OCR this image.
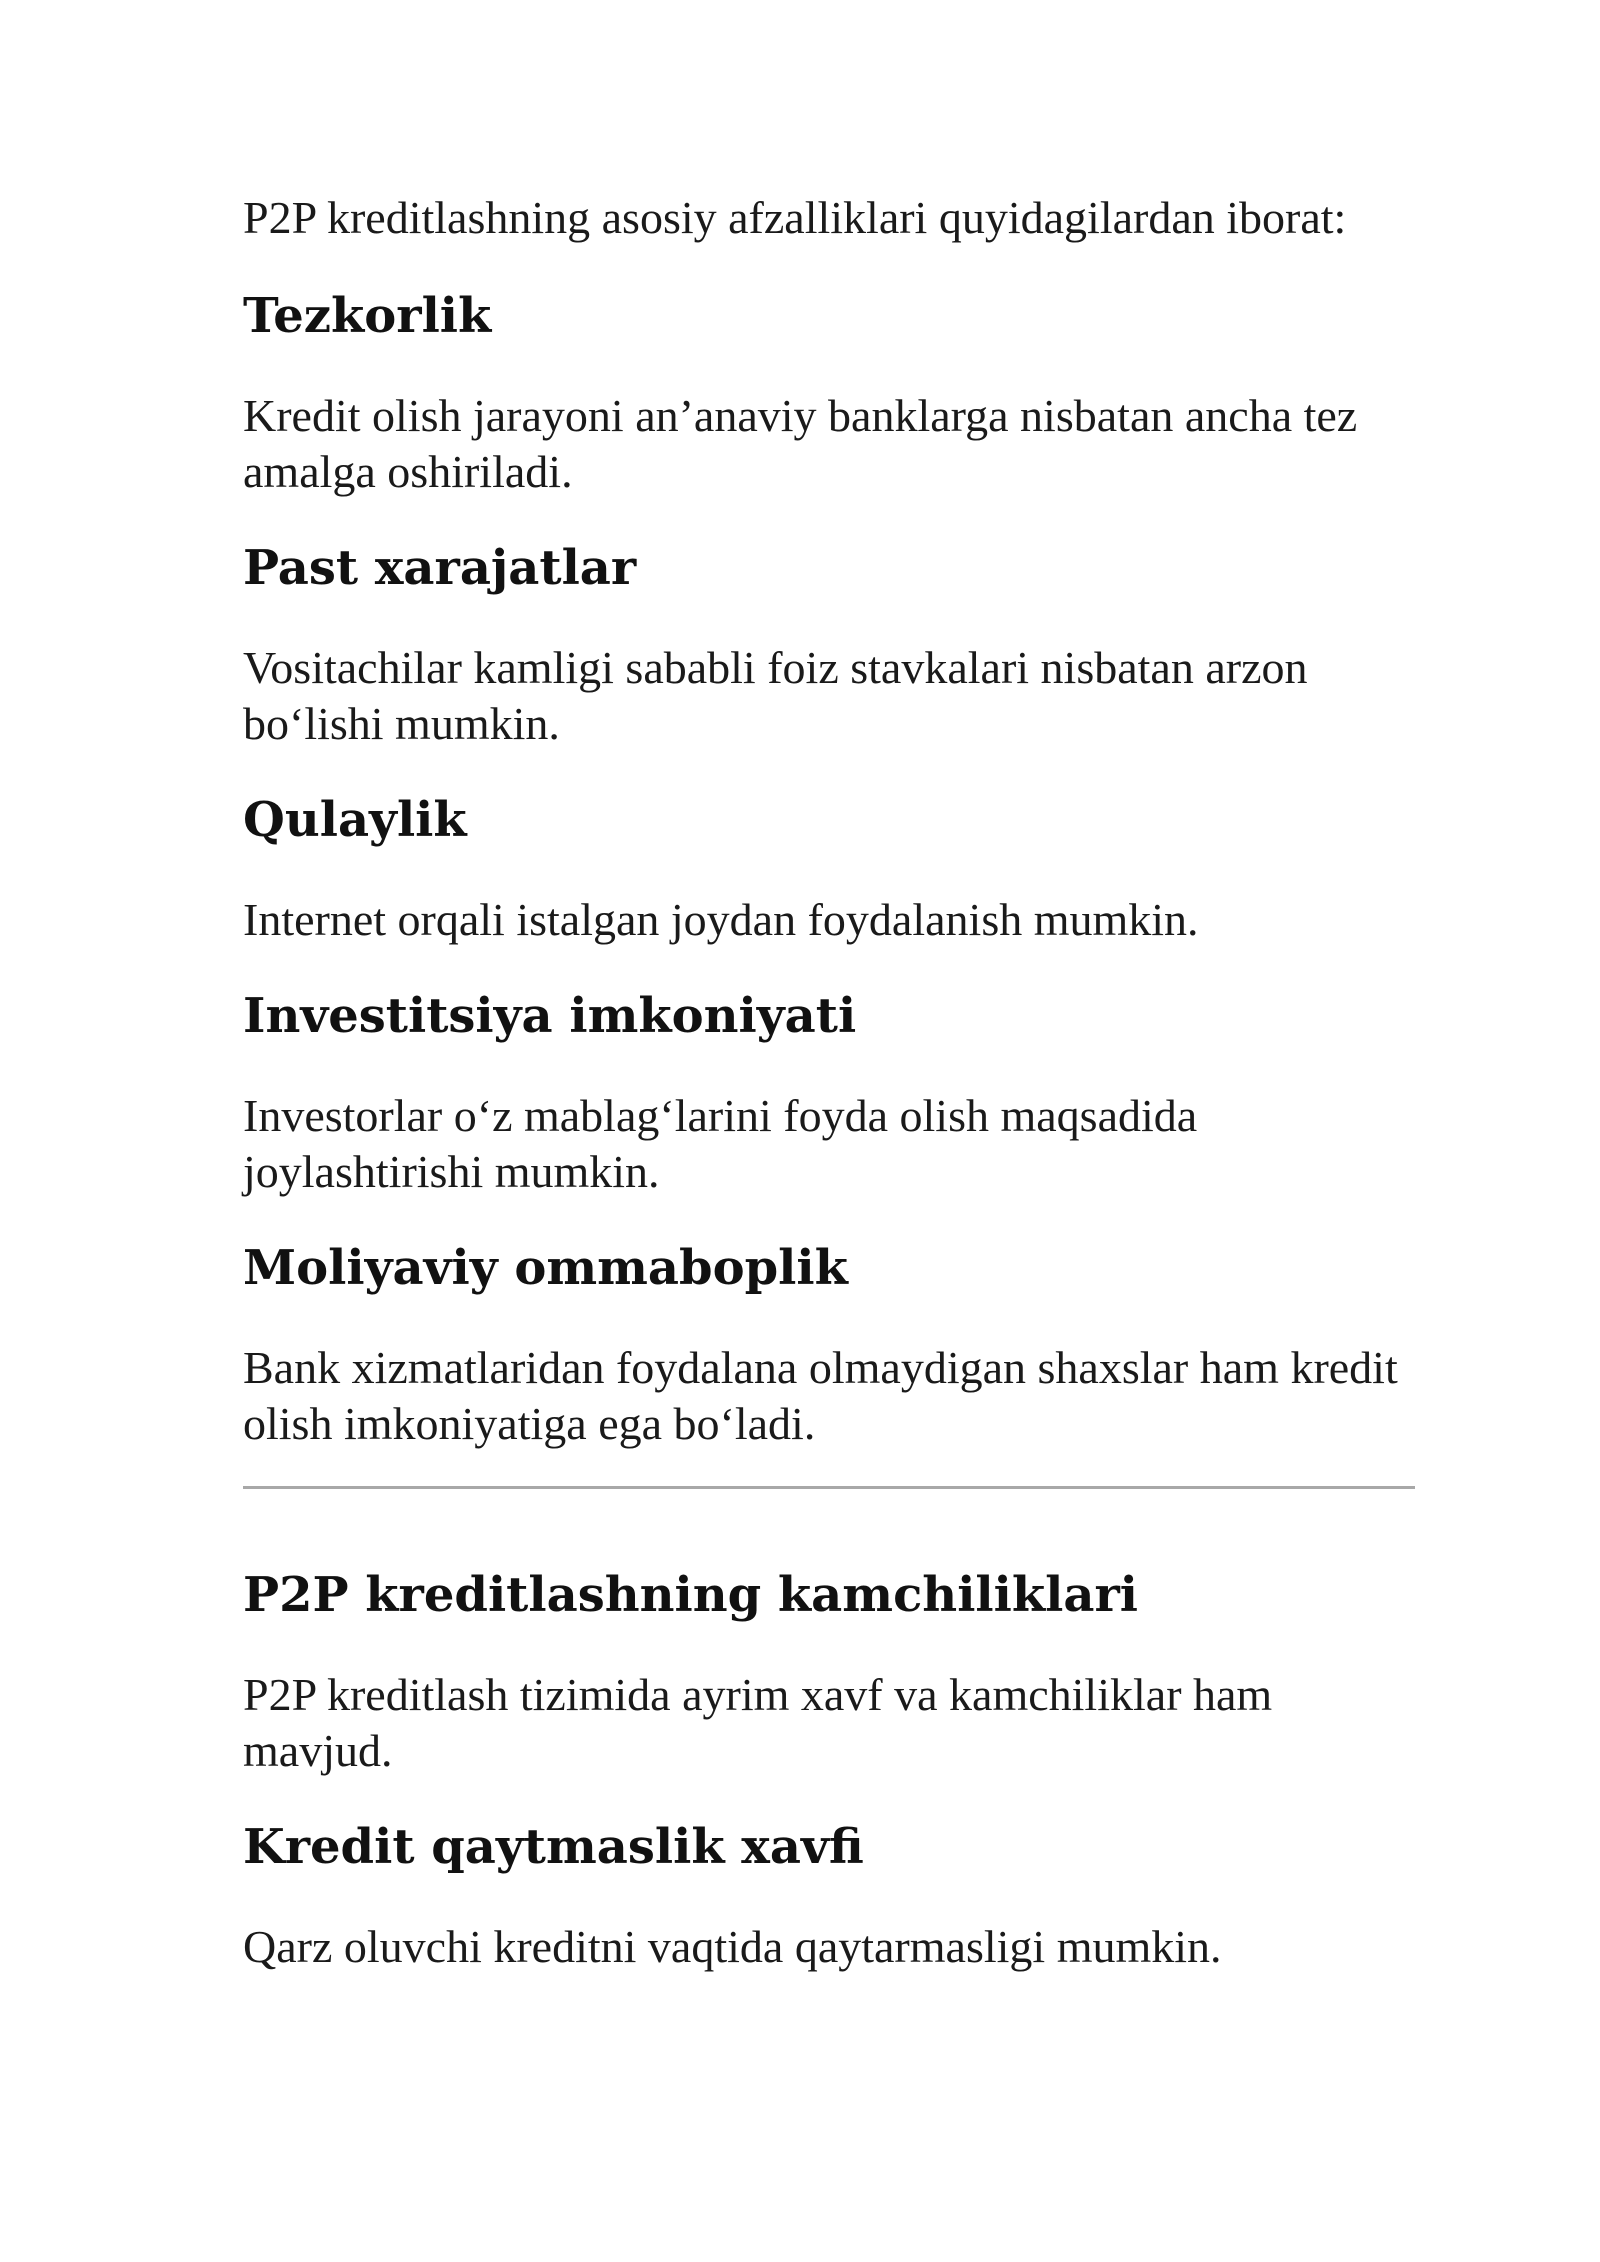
P2P kreditlashning asosiy afzalliklari quyidagilardan iborat:

Tezkorlik

Kredit olish jarayoni an’anaviy banklarga nisbatan ancha tez amalga oshiriladi.

Past xarajatlar

Vositachilar kamligi sababli foiz stavkalari nisbatan arzon bo‘lishi mumkin.

Qulaylik

Internet orqali istalgan joydan foydalanish mumkin.

Investitsiya imkoniyati

Investorlar o‘z mablag‘larini foyda olish maqsadida joylashtirishi mumkin.

Moliyaviy ommaboplik

Bank xizmatlaridan foydalana olmaydigan shaxslar ham kredit olish imkoniyatiga ega bo‘ladi.

P2P kreditlashning kamchiliklari

P2P kreditlash tizimida ayrim xavf va kamchiliklar ham mavjud.

Kredit qaytmaslik xavfi

Qarz oluvchi kreditni vaqtida qaytarmasligi mumkin.
